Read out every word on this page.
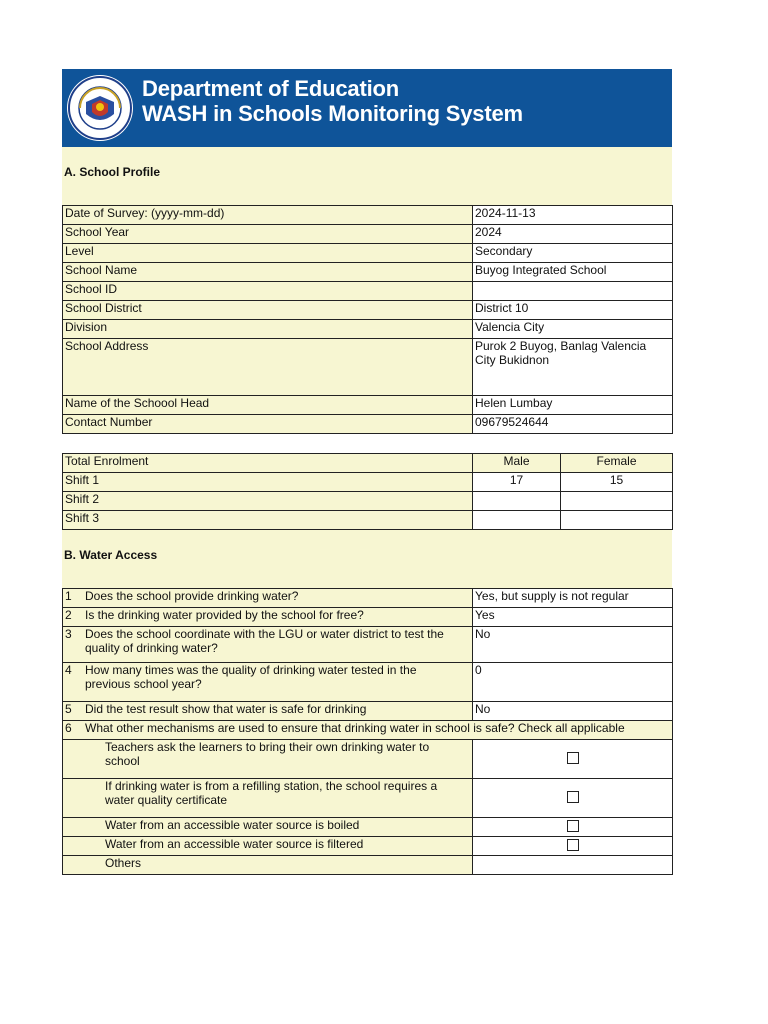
Department of Education
WASH in Schools Monitoring System
A. School Profile
Date of Survey: (yyyy-mm-dd)	2024-11-13
School Year	2024
Level	Secondary
School Name	Buyog Integrated School
School ID	
School District	District 10
Division	Valencia City
School Address	Purok 2 Buyog, Banlag Valencia City Bukidnon
Name of the Schoool Head	Helen Lumbay
Contact Number	09679524644
Total Enrolment	Male	Female
Shift 1	17	15
Shift 2		
Shift 3		
B. Water Access
1 Does the school provide drinking water?	Yes, but supply is not regular
2 Is the drinking water provided by the school for free?	Yes
3 Does the school coordinate with the LGU or water district to test the quality of drinking water?	No
4 How many times was the quality of drinking water tested in the previous school year?	0
5 Did the test result show that water is safe for drinking	No
6 What other mechanisms are used to ensure that drinking water in school is safe? Check all applicable	
Teachers ask the learners to bring their own drinking water to school	
If drinking water is from a refilling station, the school requires a water quality certificate	
Water from an accessible water source is boiled	
Water from an accessible water source is filtered	
Others	
